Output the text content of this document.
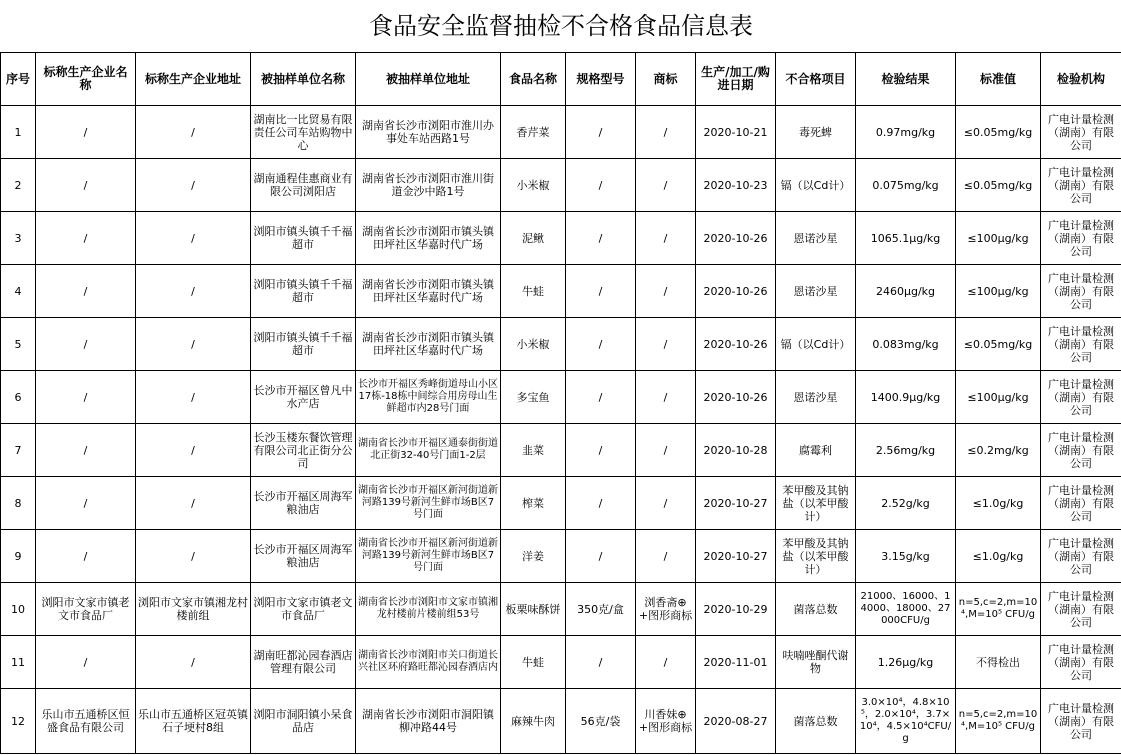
食品安全监督抽检不合格食品信息表												
序号	标称生产企业名称	标称生产企业地址	被抽样单位名称	被抽样单位地址	食品名称	规格型号	商标	生产/加工/购进日期	不合格项目	检验结果	标准值	检验机构
1	/	/	湖南比一比贸易有限责任公司车站购物中心	湖南省长沙市浏阳市淮川办事处车站西路1号	香芹菜	/	/	2020-10-21	毒死蜱	0.97mg/kg	≤0.05mg/kg	广电计量检测（湖南）有限公司
2	/	/	湖南通程佳惠商业有限公司浏阳店	湖南省长沙市浏阳市淮川街道金沙中路1号	小米椒	/	/	2020-10-23	镉（以Cd计）	0.075mg/kg	≤0.05mg/kg	广电计量检测（湖南）有限公司
3	/	/	浏阳市镇头镇千千福超市	湖南省长沙市浏阳市镇头镇田坪社区华嘉时代广场	泥鳅	/	/	2020-10-26	恩诺沙星	1065.1μg/kg	≤100μg/kg	广电计量检测（湖南）有限公司
4	/	/	浏阳市镇头镇千千福超市	湖南省长沙市浏阳市镇头镇田坪社区华嘉时代广场	牛蛙	/	/	2020-10-26	恩诺沙星	2460μg/kg	≤100μg/kg	广电计量检测（湖南）有限公司
5	/	/	浏阳市镇头镇千千福超市	湖南省长沙市浏阳市镇头镇田坪社区华嘉时代广场	小米椒	/	/	2020-10-26	镉（以Cd计）	0.083mg/kg	≤0.05mg/kg	广电计量检测（湖南）有限公司
6	/	/	长沙市开福区曾凡中水产店	长沙市开福区秀峰街道母山小区17栋-18栋中间综合用房母山生鲜超市内28号门面	多宝鱼	/	/	2020-10-26	恩诺沙星	1400.9μg/kg	≤100μg/kg	广电计量检测（湖南）有限公司
7	/	/	长沙玉楼东餐饮管理有限公司北正街分公司	湖南省长沙市开福区通泰街街道北正街32-40号门面1-2层	韭菜	/	/	2020-10-28	腐霉利	2.56mg/kg	≤0.2mg/kg	广电计量检测（湖南）有限公司
8	/	/	长沙市开福区周海军粮油店	湖南省长沙市开福区新河街道新河路139号新河生鲜市场B区7号门面	榨菜	/	/	2020-10-27	苯甲酸及其钠盐（以苯甲酸计）	2.52g/kg	≤1.0g/kg	广电计量检测（湖南）有限公司
9	/	/	长沙市开福区周海军粮油店	湖南省长沙市开福区新河街道新河路139号新河生鲜市场B区7号门面	洋姜	/	/	2020-10-27	苯甲酸及其钠盐（以苯甲酸计）	3.15g/kg	≤1.0g/kg	广电计量检测（湖南）有限公司
10	浏阳市文家市镇老文市食品厂	浏阳市文家市镇湘龙村楼前组	浏阳市文家市镇老文市食品厂	湖南省长沙市浏阳市文家市镇湘龙村楼前片楼前组53号	板栗味酥饼	350克/盒	浏香斋⊕+图形商标	2020-10-29	菌落总数	21000、16000、14000、18000、27000CFU/g	n=5,c=2,m=10⁴,M=10⁵ CFU/g	广电计量检测（湖南）有限公司
11	/	/	湖南旺都沁园春酒店管理有限公司	湖南省长沙市浏阳市关口街道长兴社区环府路旺都沁园春酒店内	牛蛙	/	/	2020-11-01	呋喃唑酮代谢物	1.26μg/kg	不得检出	广电计量检测（湖南）有限公司
12	乐山市五通桥区恒盛食品有限公司	乐山市五通桥区冠英镇石子埂村8组	浏阳市洞阳镇小呆食品店	湖南省长沙市浏阳市洞阳镇柳冲路44号	麻辣牛肉	56克/袋	川香妹⊕+图形商标	2020-08-27	菌落总数	3.0×10⁴，4.8×10⁵，2.0×10⁴，3.7×10⁴，4.5×10⁴CFU/g	n=5,c=2,m=10⁴,M=10⁵ CFU/g	广电计量检测（湖南）有限公司
